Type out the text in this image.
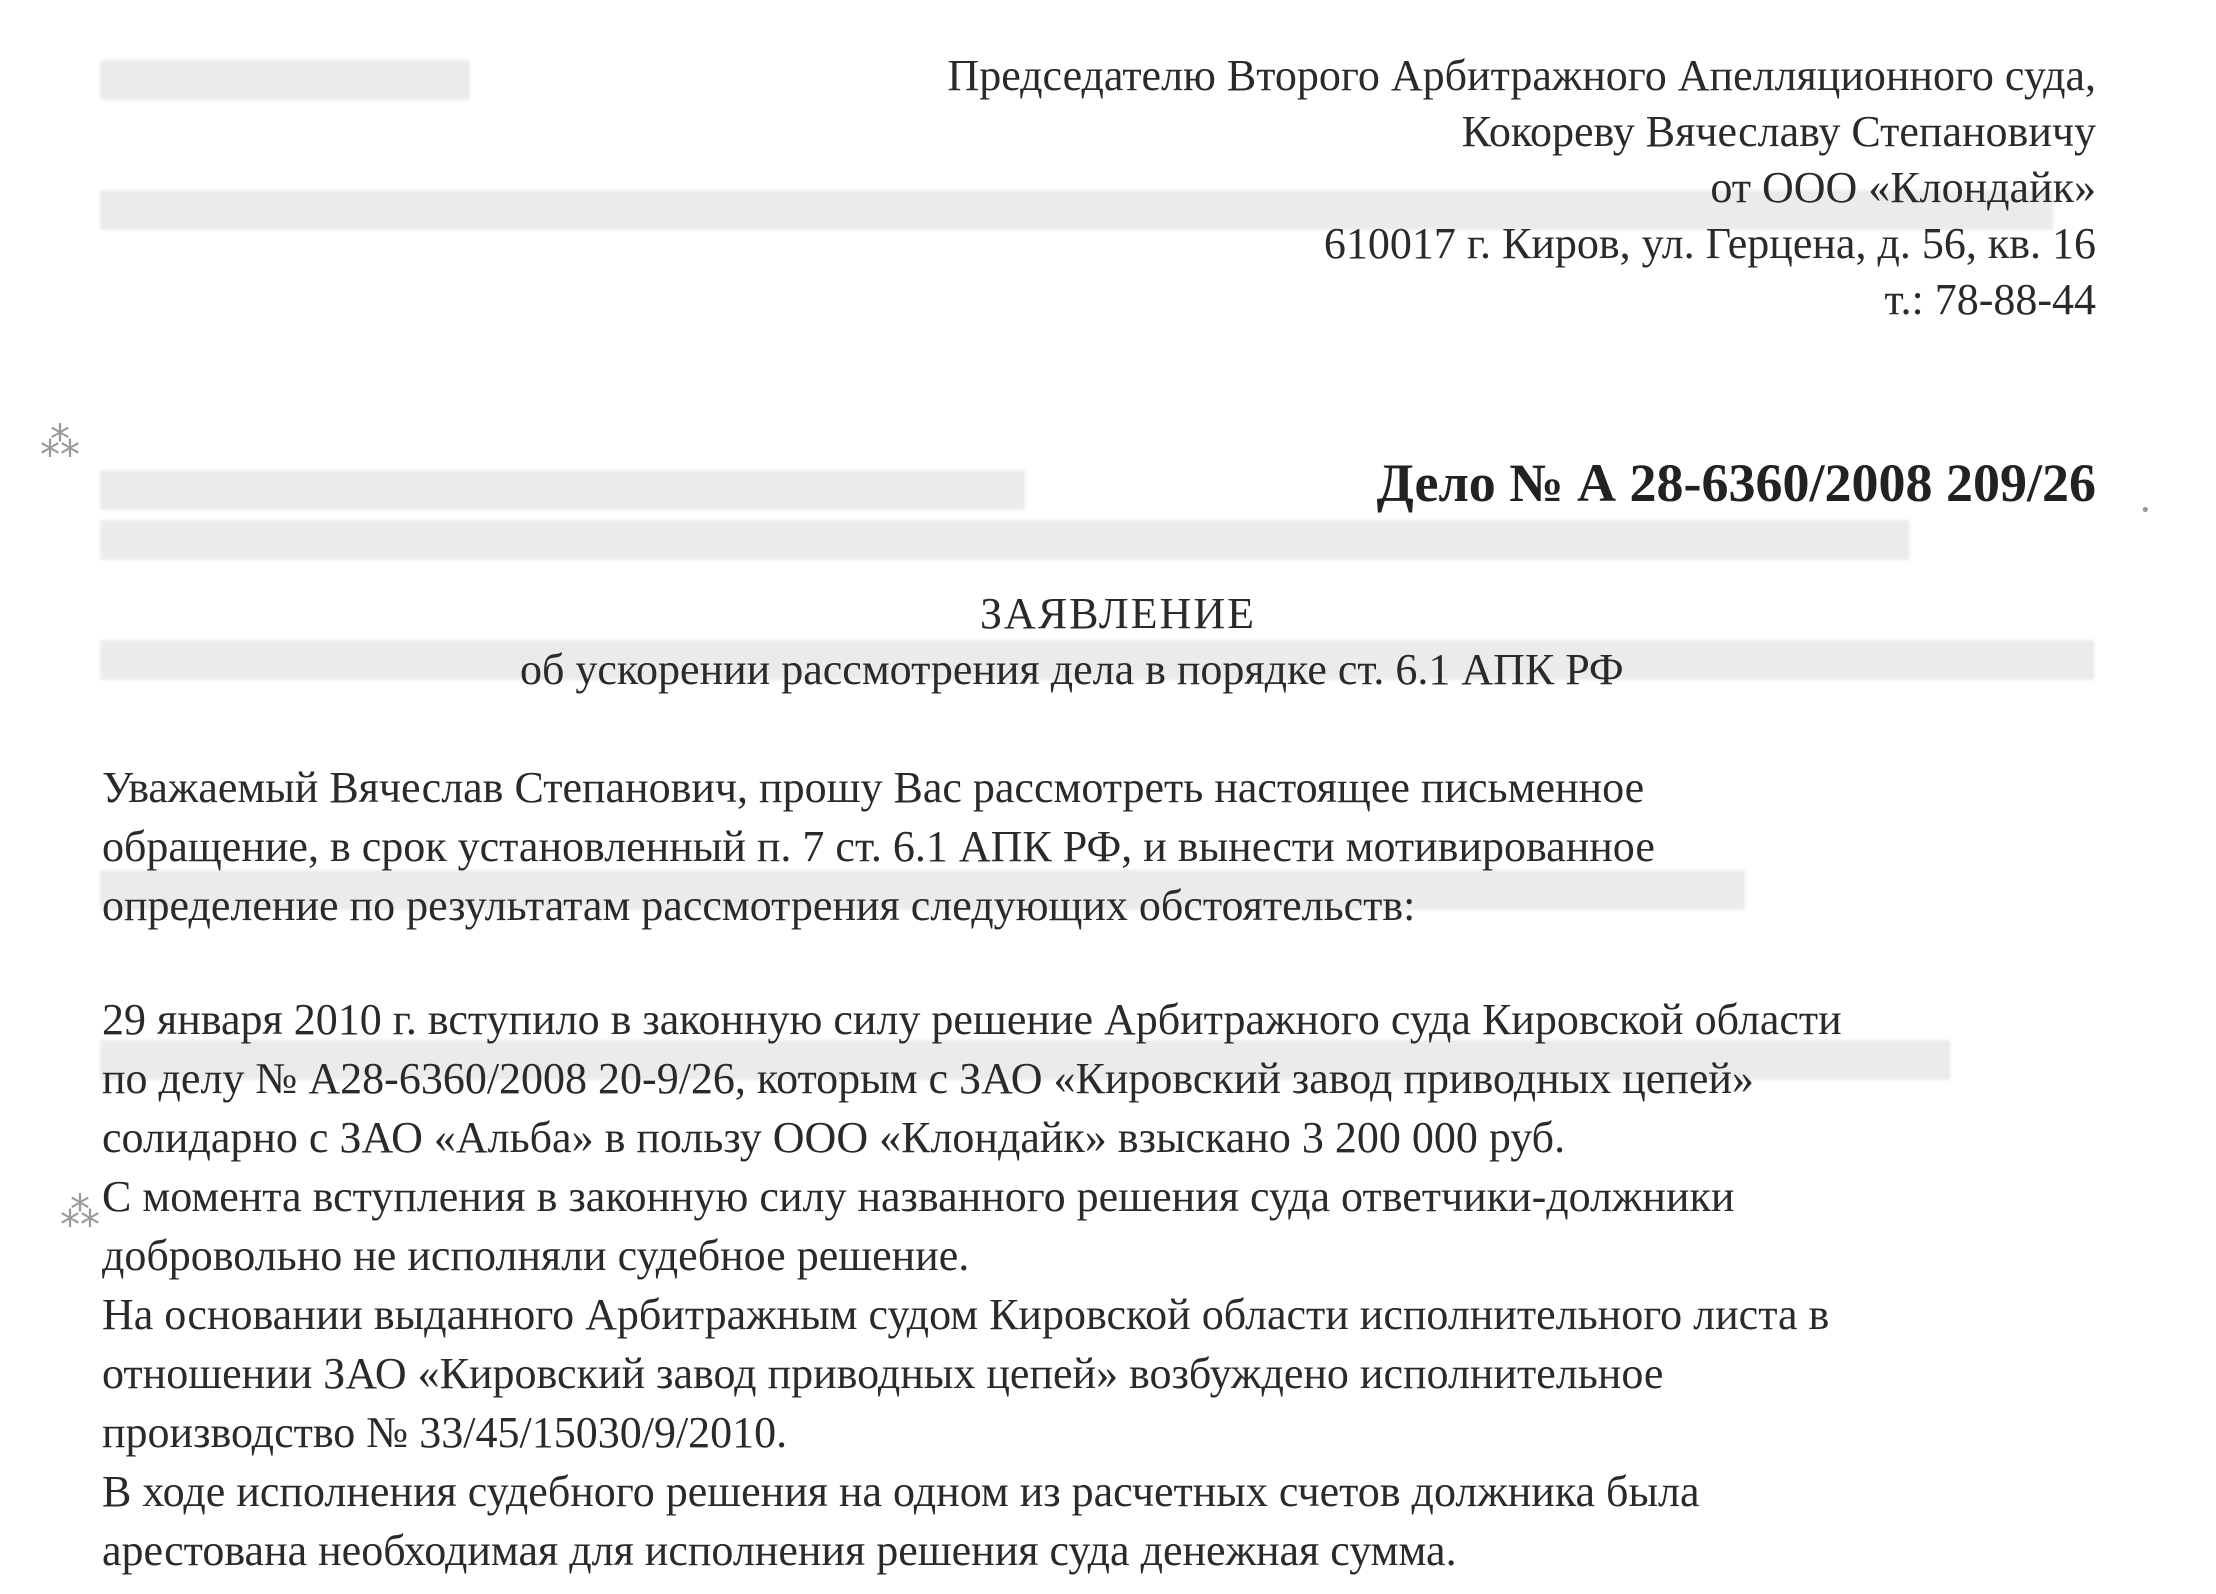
⁂
⁂
•
Председателю Второго Арбитражного Апелляционного суда,
Кокореву Вячеславу Степановичу
от ООО «Клондайк»
610017 г. Киров, ул. Герцена, д. 56, кв. 16
т.: 78-88-44
Дело № А 28-6360/2008 209/26
ЗАЯВЛЕНИЕ
об ускорении рассмотрения дела в порядке ст. 6.1 АПК РФ
Уважаемый Вячеслав Степанович, прошу Вас рассмотреть настоящее письменное
обращение, в срок установленный п. 7 ст. 6.1 АПК РФ, и вынести мотивированное
определение по результатам рассмотрения следующих обстоятельств:
29 января 2010 г. вступило в законную силу решение Арбитражного суда Кировской области
по делу № А28-6360/2008 20-9/26, которым с ЗАО «Кировский завод приводных цепей»
солидарно с ЗАО «Альба» в пользу ООО «Клондайк» взыскано 3 200 000 руб.
С момента вступления в законную силу названного решения суда ответчики-должники
добровольно не исполняли судебное решение.
На основании выданного Арбитражным судом Кировской области исполнительного листа в
отношении ЗАО «Кировский завод приводных цепей» возбуждено исполнительное
производство № 33/45/15030/9/2010.
В ходе исполнения судебного решения на одном из расчетных счетов должника была
арестована необходимая для исполнения решения суда денежная сумма.
